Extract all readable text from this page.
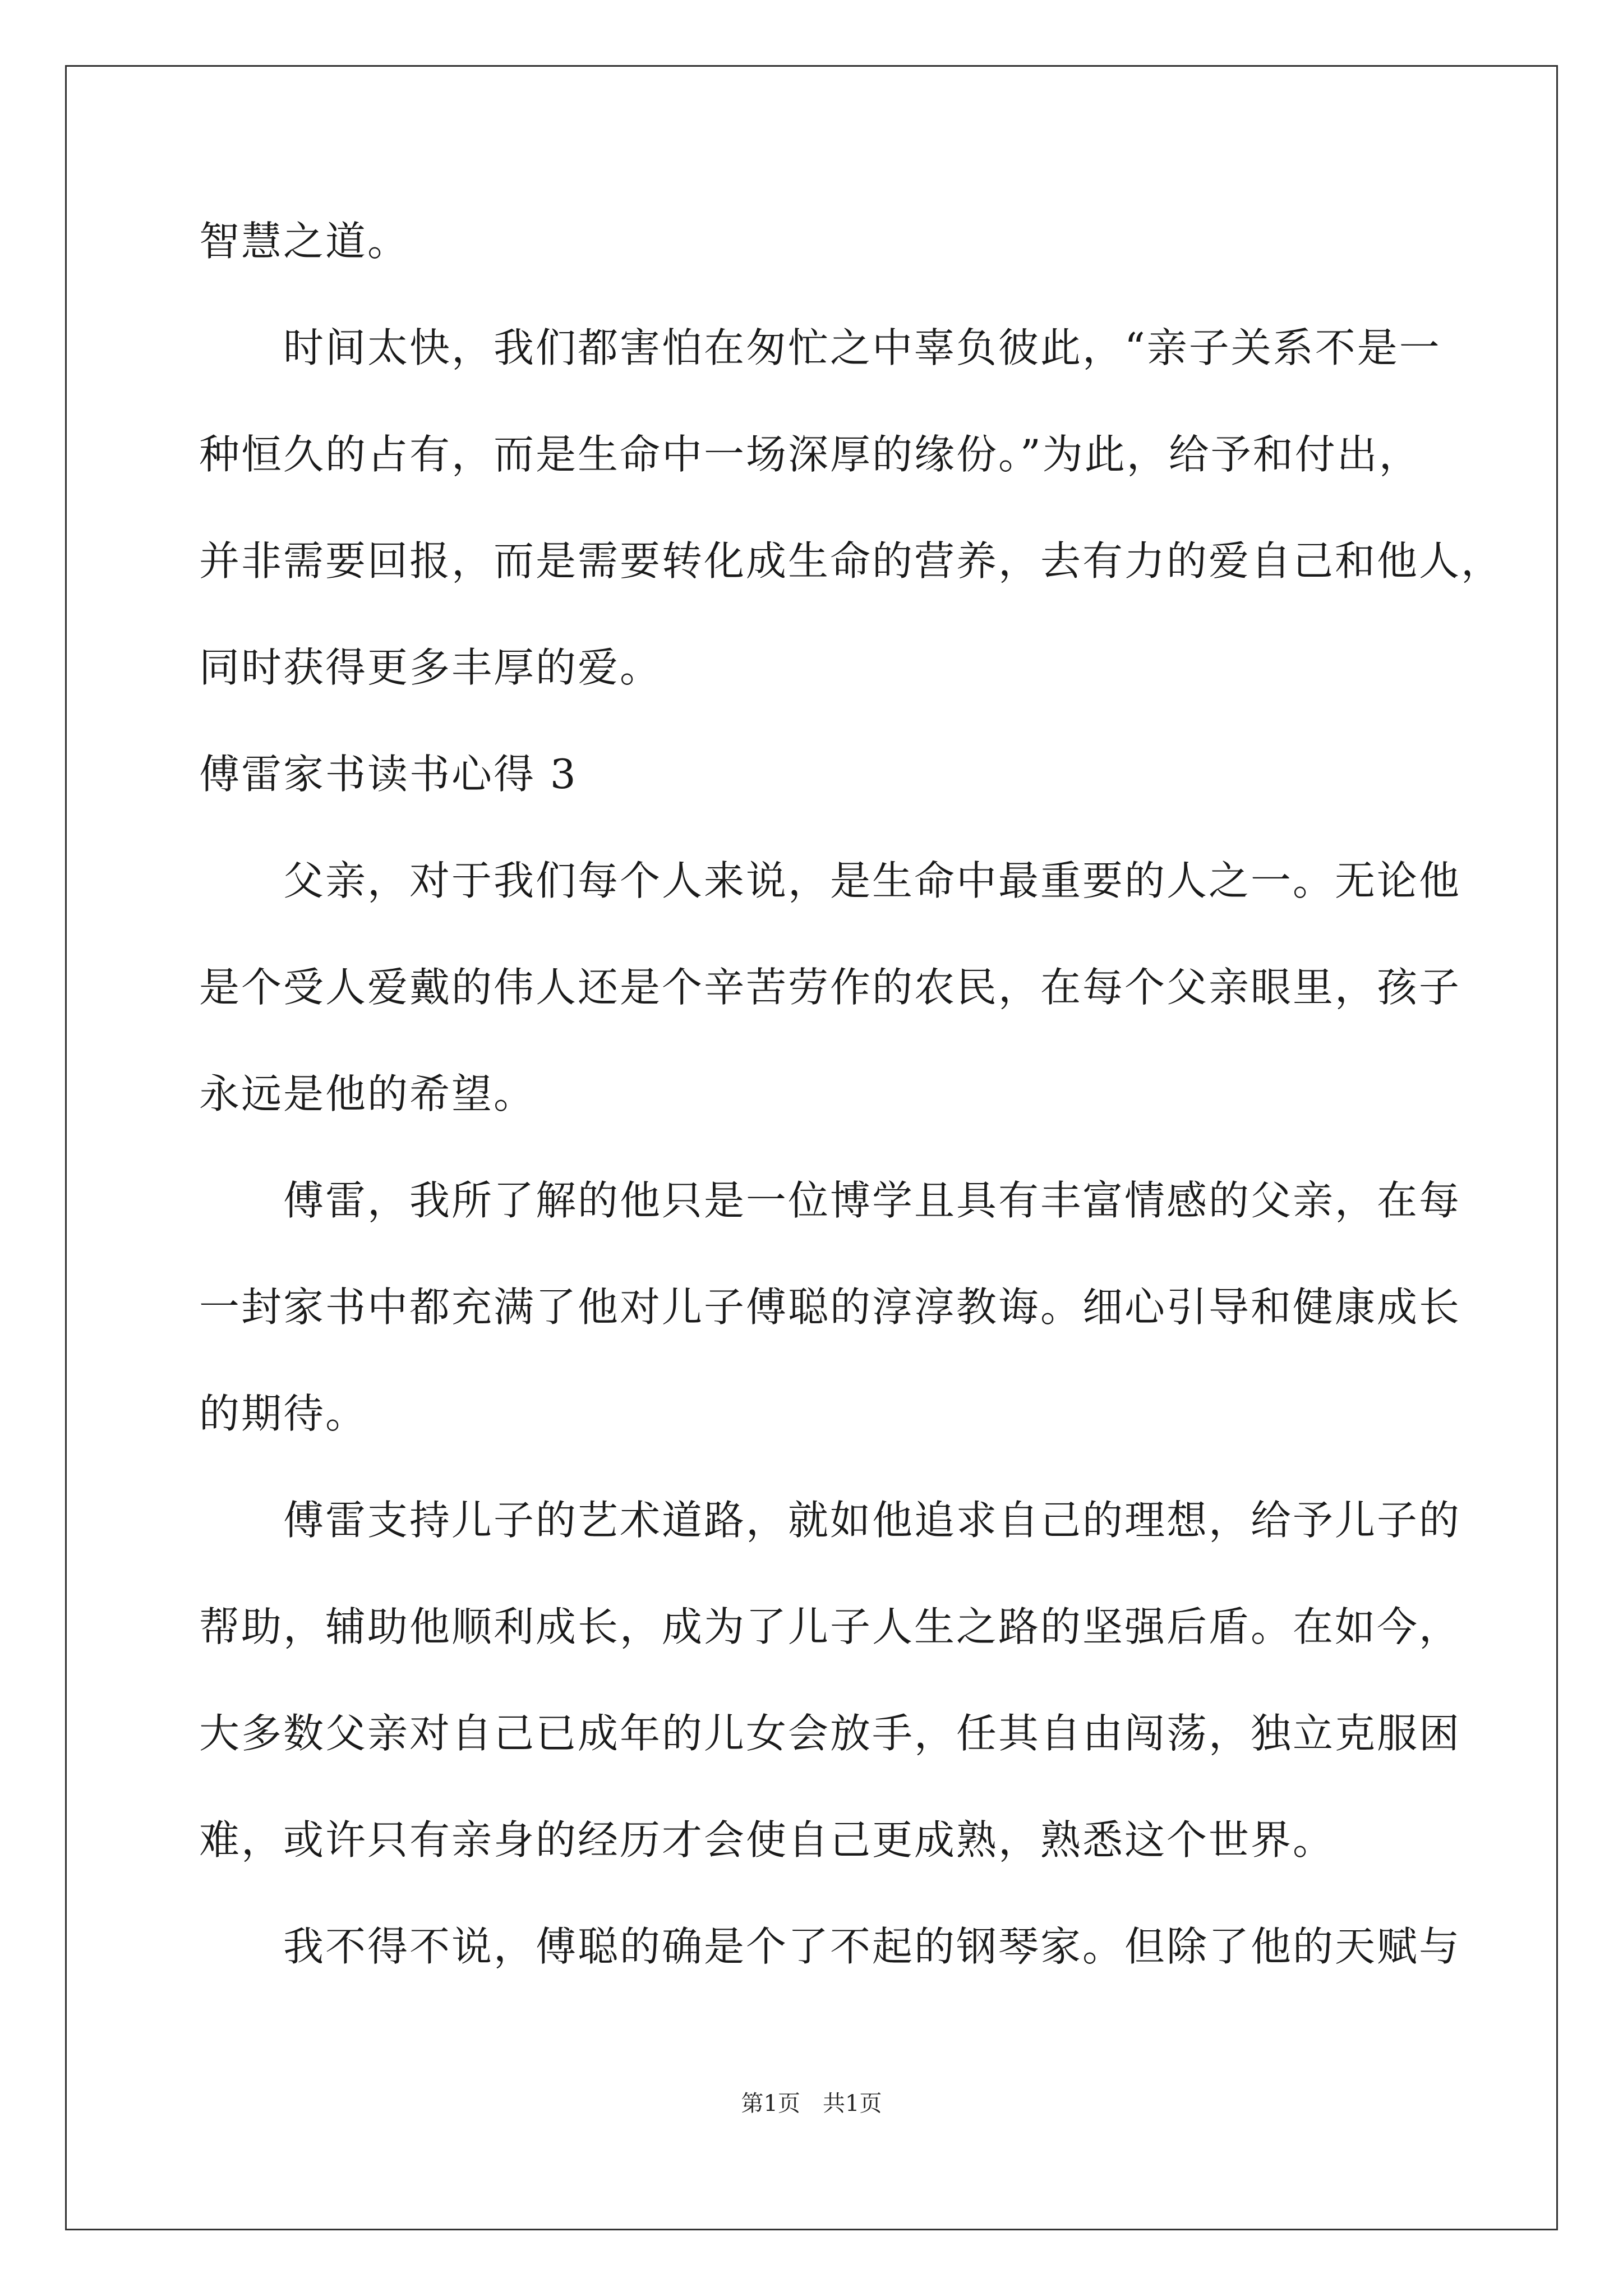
智慧之道。
　　时间太快，我们都害怕在匆忙之中辜负彼此，“亲子关系不是一
种恒久的占有，而是生命中一场深厚的缘份。”为此，给予和付出，
并非需要回报，而是需要转化成生命的营养，去有力的爱自己和他人，
同时获得更多丰厚的爱。
傅雷家书读书心得 3
　　父亲，对于我们每个人来说，是生命中最重要的人之一。无论他
是个受人爱戴的伟人还是个辛苦劳作的农民，在每个父亲眼里，孩子
永远是他的希望。
　　傅雷，我所了解的他只是一位博学且具有丰富情感的父亲，在每
一封家书中都充满了他对儿子傅聪的淳淳教诲。细心引导和健康成长
的期待。
　　傅雷支持儿子的艺术道路，就如他追求自己的理想，给予儿子的
帮助，辅助他顺利成长，成为了儿子人生之路的坚强后盾。在如今，
大多数父亲对自己已成年的儿女会放手，任其自由闯荡，独立克服困
难，或许只有亲身的经历才会使自己更成熟，熟悉这个世界。
　　我不得不说，傅聪的确是个了不起的钢琴家。但除了他的天赋与
第1页　共1页
